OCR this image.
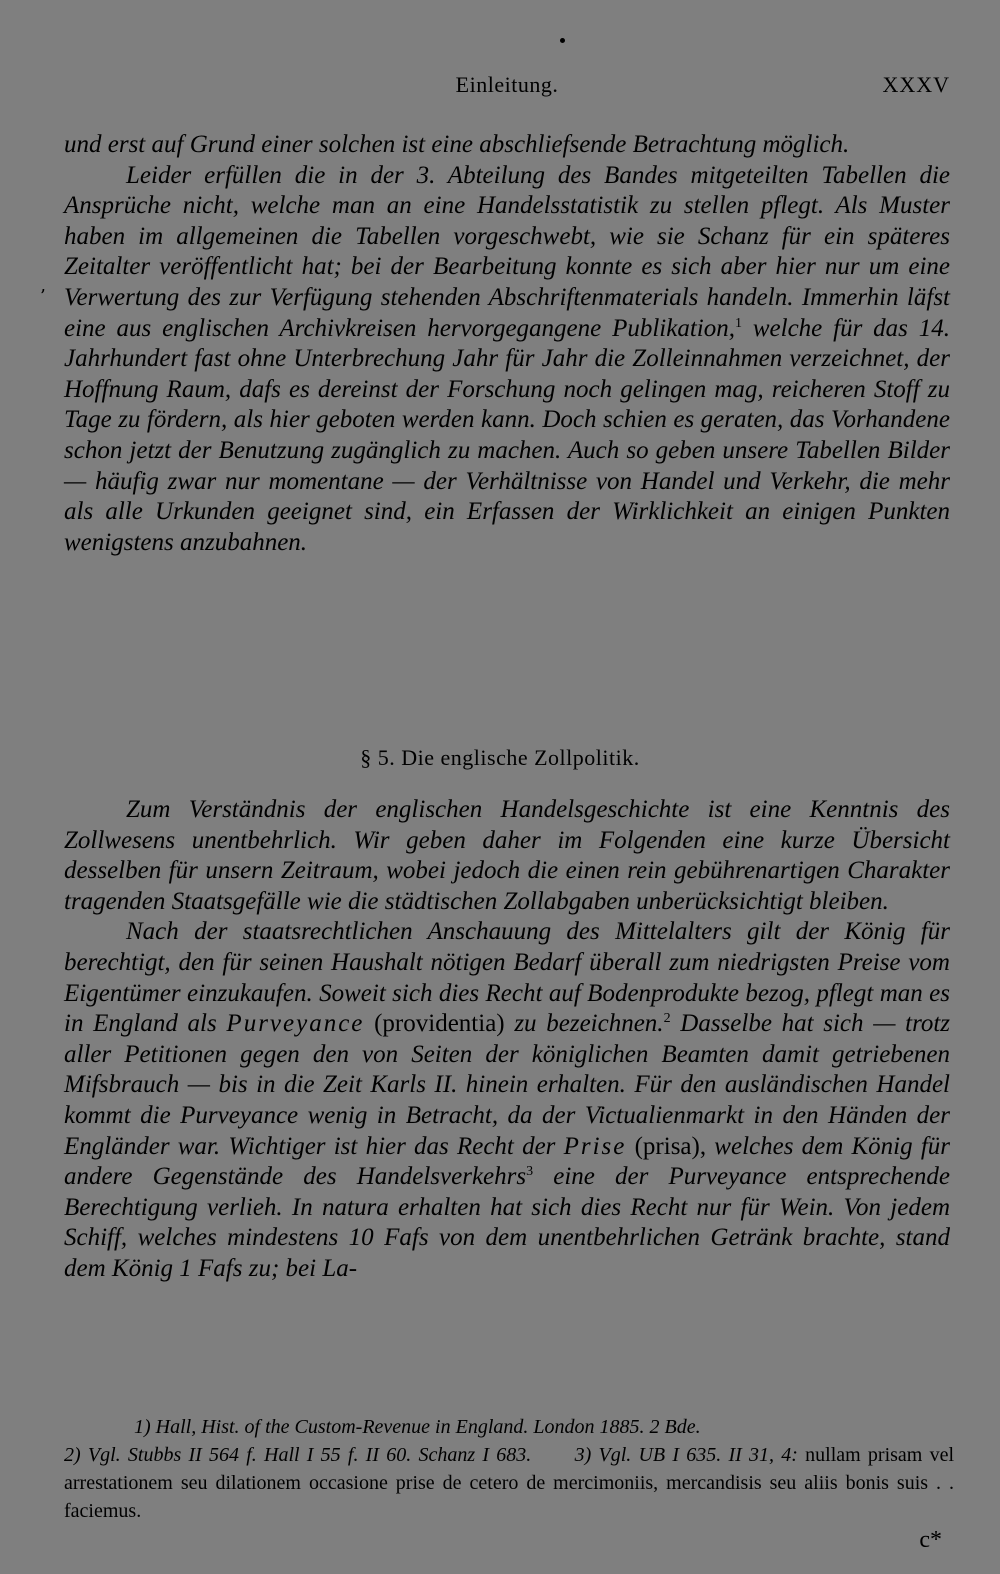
’
Einleitung.	XXXV

und erst auf Grund einer solchen ist eine abschliefsende Betrachtung möglich.

Leider erfüllen die in der 3. Abteilung des Bandes mitgeteilten Tabellen die Ansprüche nicht, welche man an eine Handelsstatistik zu stellen pflegt. Als Muster haben im allgemeinen die Tabellen vorgeschwebt, wie sie Schanz für ein späteres Zeitalter veröffentlicht hat; bei der Bearbeitung konnte es sich aber hier nur um eine Verwertung des zur Verfügung stehenden Abschriftenmaterials handeln. Immerhin läfst eine aus englischen Archivkreisen hervorgegangene Publikation,$^1$ welche für das 14. Jahrhundert fast ohne Unterbrechung Jahr für Jahr die Zolleinnahmen verzeichnet, der Hoffnung Raum, dafs es dereinst der Forschung noch gelingen mag, reicheren Stoff zu Tage zu fördern, als hier geboten werden kann. Doch schien es geraten, das Vorhandene schon jetzt der Benutzung zugänglich zu machen. Auch so geben unsere Tabellen Bilder — häufig zwar nur momentane — der Verhältnisse von Handel und Verkehr, die mehr als alle Urkunden geeignet sind, ein Erfassen der Wirklichkeit an einigen Punkten wenigstens anzubahnen.

§ 5. Die englische Zollpolitik.

Zum Verständnis der englischen Handelsgeschichte ist eine Kenntnis des Zollwesens unentbehrlich. Wir geben daher im Folgenden eine kurze Übersicht desselben für unsern Zeitraum, wobei jedoch die einen rein gebührenartigen Charakter tragenden Staatsgefälle wie die städtischen Zollabgaben unberücksichtigt bleiben.

Nach der staatsrechtlichen Anschauung des Mittelalters gilt der König für berechtigt, den für seinen Haushalt nötigen Bedarf überall zum niedrigsten Preise vom Eigentümer einzukaufen. Soweit sich dies Recht auf Bodenprodukte bezog, pflegt man es in England als Purveyance (providentia) zu bezeichnen.$^2$ Dasselbe hat sich — trotz aller Petitionen gegen den von Seiten der königlichen Beamten damit getriebenen Mifsbrauch — bis in die Zeit Karls II. hinein erhalten. Für den ausländischen Handel kommt die Purveyance wenig in Betracht, da der Victualienmarkt in den Händen der Engländer war. Wichtiger ist hier das Recht der Prise (prisa), welches dem König für andere Gegenstände des Handelsverkehrs$^3$ eine der Purveyance entsprechende Berechtigung verlieh. In natura erhalten hat sich dies Recht nur für Wein. Von jedem Schiff, welches mindestens 10 Fafs von dem unentbehrlichen Getränk brachte, stand dem König 1 Fafs zu; bei La-

1) Hall, Hist. of the Custom-Revenue in England. London 1885. 2 Bde.

2) Vgl. Stubbs II 564 f. Hall I 55 f. II 60. Schanz I 683. 3) Vgl. UB I 635. II 31, 4: nullam prisam vel arrestationem seu dilationem occasione prise de cetero de mercimoniis, mercandisis seu aliis bonis suis . . faciemus.

c*
